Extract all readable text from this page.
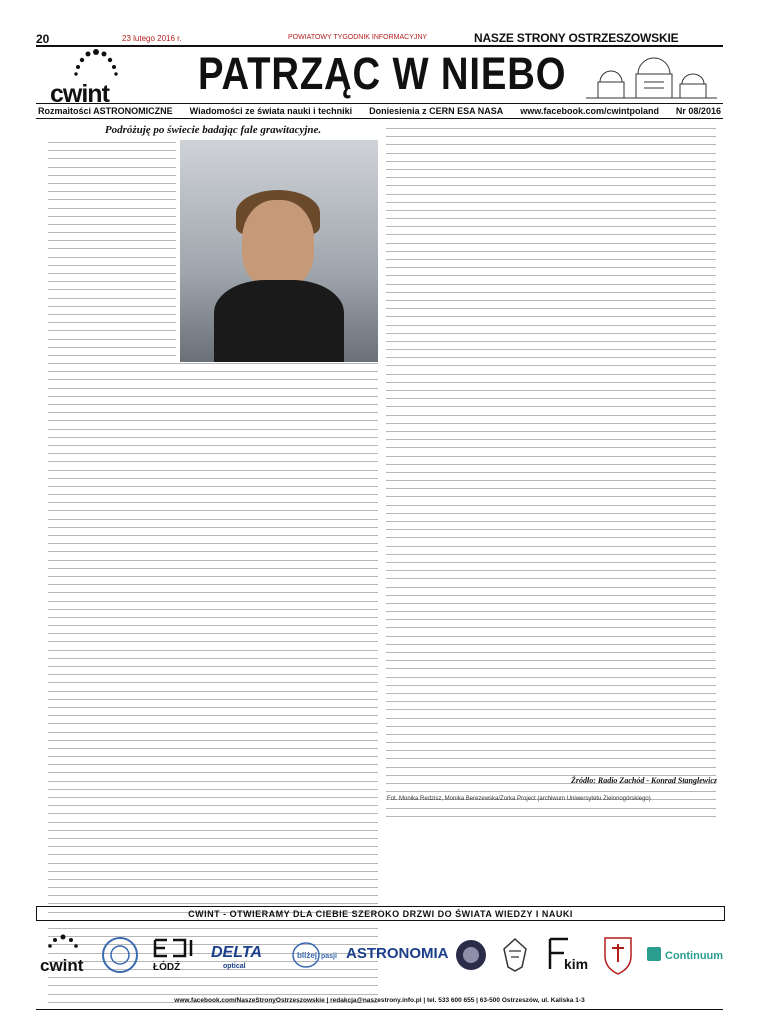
20	23 lutego 2016 r.	POWIATOWY TYGODNIK INFORMACYJNY	NASZE STRONY OSTRZESZOWSKIE
cwint PATRZĄC W NIEBO
Rozmaitości ASTRONOMICZNE Wiadomości ze świata nauki i techniki Doniesienia z CERN ESA NASA www.facebook.com/cwintpoland Nr 08/2016
Podróżuję po świecie badając fale grawitacyjne.
Źródło: Radio Zachód - Konrad Stanglewicz
Fot. Monika Redzisz, Monika Berezewska/Zorka Project (archiwum Uniwersytetu Zielonogórskiego)
CWINT - OTWIERAMY DLA CIEBIE SZEROKO DRZWI DO ŚWIATA WIEDZY I NAUKI
cwint	ŁÓDŹ
DELTA
optical
bliżej pasji ASTRONOMIA
kim	Continuum
www.facebook.com/NaszeStronyOstrzeszowskie | redakcja@naszestrony.info.pl | tel. 533 600 655 | 63-500 Ostrzeszów, ul. Kaliska 1-3
